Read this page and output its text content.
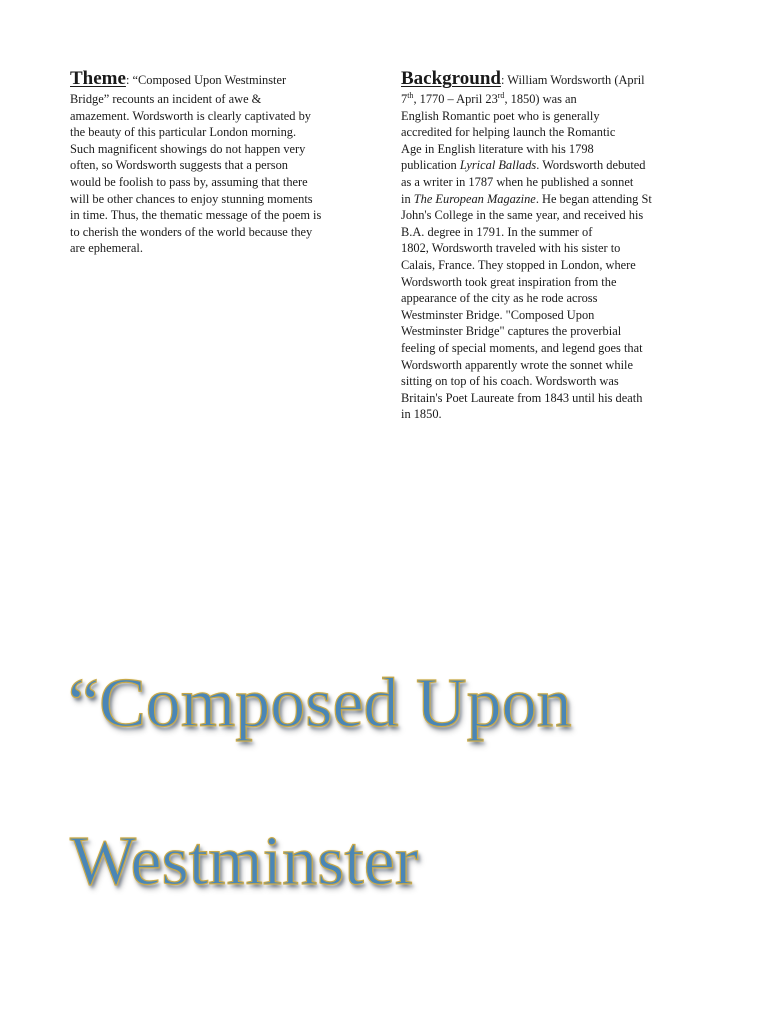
Theme: “Composed Upon Westminster
Bridge” recounts an incident of awe &
amazement. Wordsworth is clearly captivated by
the beauty of this particular London morning.
Such magnificent showings do not happen very
often, so Wordsworth suggests that a person
would be foolish to pass by, assuming that there
will be other chances to enjoy stunning moments
in time. Thus, the thematic message of the poem is
to cherish the wonders of the world because they
are ephemeral.
Background: William Wordsworth (April
7th, 1770 – April 23rd, 1850) was an
English Romantic poet who is generally
accredited for helping launch the Romantic
Age in English literature with his 1798
publication Lyrical Ballads. Wordsworth debuted
as a writer in 1787 when he published a sonnet
in The European Magazine. He began attending St
John's College in the same year, and received his
B.A. degree in 1791. In the summer of
1802, Wordsworth traveled with his sister to
Calais, France. They stopped in London, where
Wordsworth took great inspiration from the
appearance of the city as he rode across
Westminster Bridge. "Composed Upon
Westminster Bridge" captures the proverbial
feeling of special moments, and legend goes that
Wordsworth apparently wrote the sonnet while
sitting on top of his coach. Wordsworth was
Britain's Poet Laureate from 1843 until his death
in 1850.
“Composed Upon
Westminster
